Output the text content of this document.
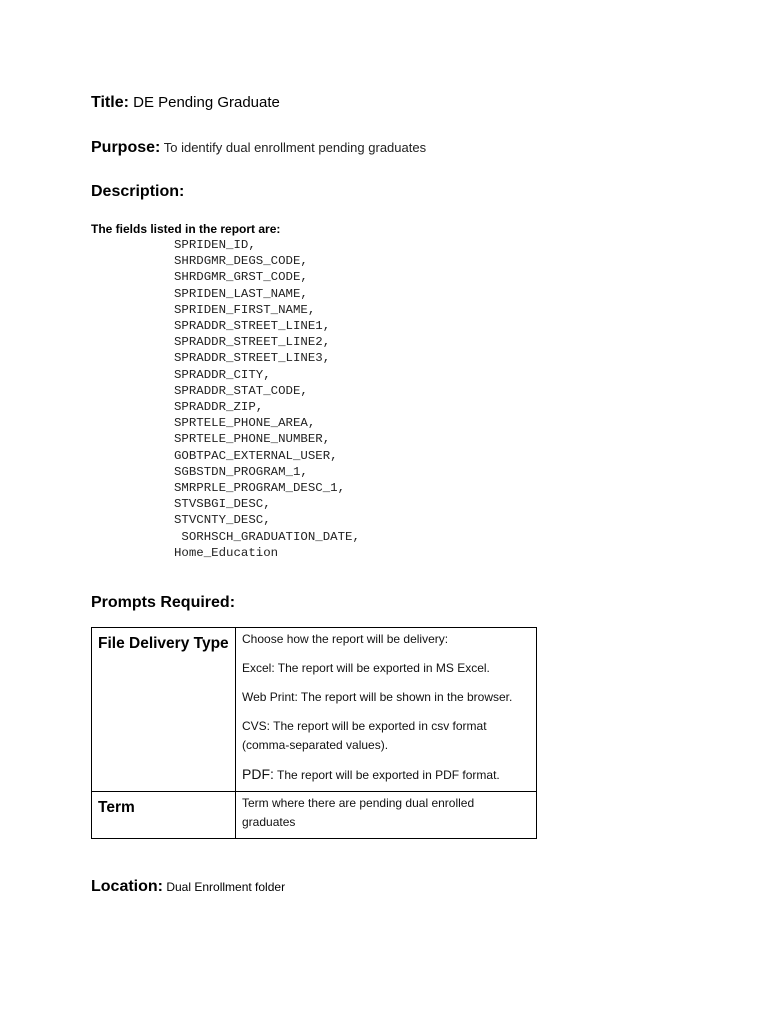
Title: DE Pending Graduate
Purpose: To identify dual enrollment pending graduates
Description:
The fields listed in the report are:
SPRIDEN_ID,
SHRDGMR_DEGS_CODE,
SHRDGMR_GRST_CODE,
SPRIDEN_LAST_NAME,
SPRIDEN_FIRST_NAME,
SPRADDR_STREET_LINE1,
SPRADDR_STREET_LINE2,
SPRADDR_STREET_LINE3,
SPRADDR_CITY,
SPRADDR_STAT_CODE,
SPRADDR_ZIP,
SPRTELE_PHONE_AREA,
SPRTELE_PHONE_NUMBER,
GOBTPAC_EXTERNAL_USER,
SGBSTDN_PROGRAM_1,
SMRPRLE_PROGRAM_DESC_1,
STVSBGI_DESC,
STVCNTY_DESC,
SORHSCH_GRADUATION_DATE,
Home_Education
Prompts Required:
File Delivery Type	Choose how the report will be delivery:

Excel: The report will be exported in MS Excel.

Web Print: The report will be shown in the browser.

CVS: The report will be exported in csv format (comma-separated values).

PDF: The report will be exported in PDF format.

Term	Term where there are pending dual enrolled graduates

Location: Dual Enrollment folder
